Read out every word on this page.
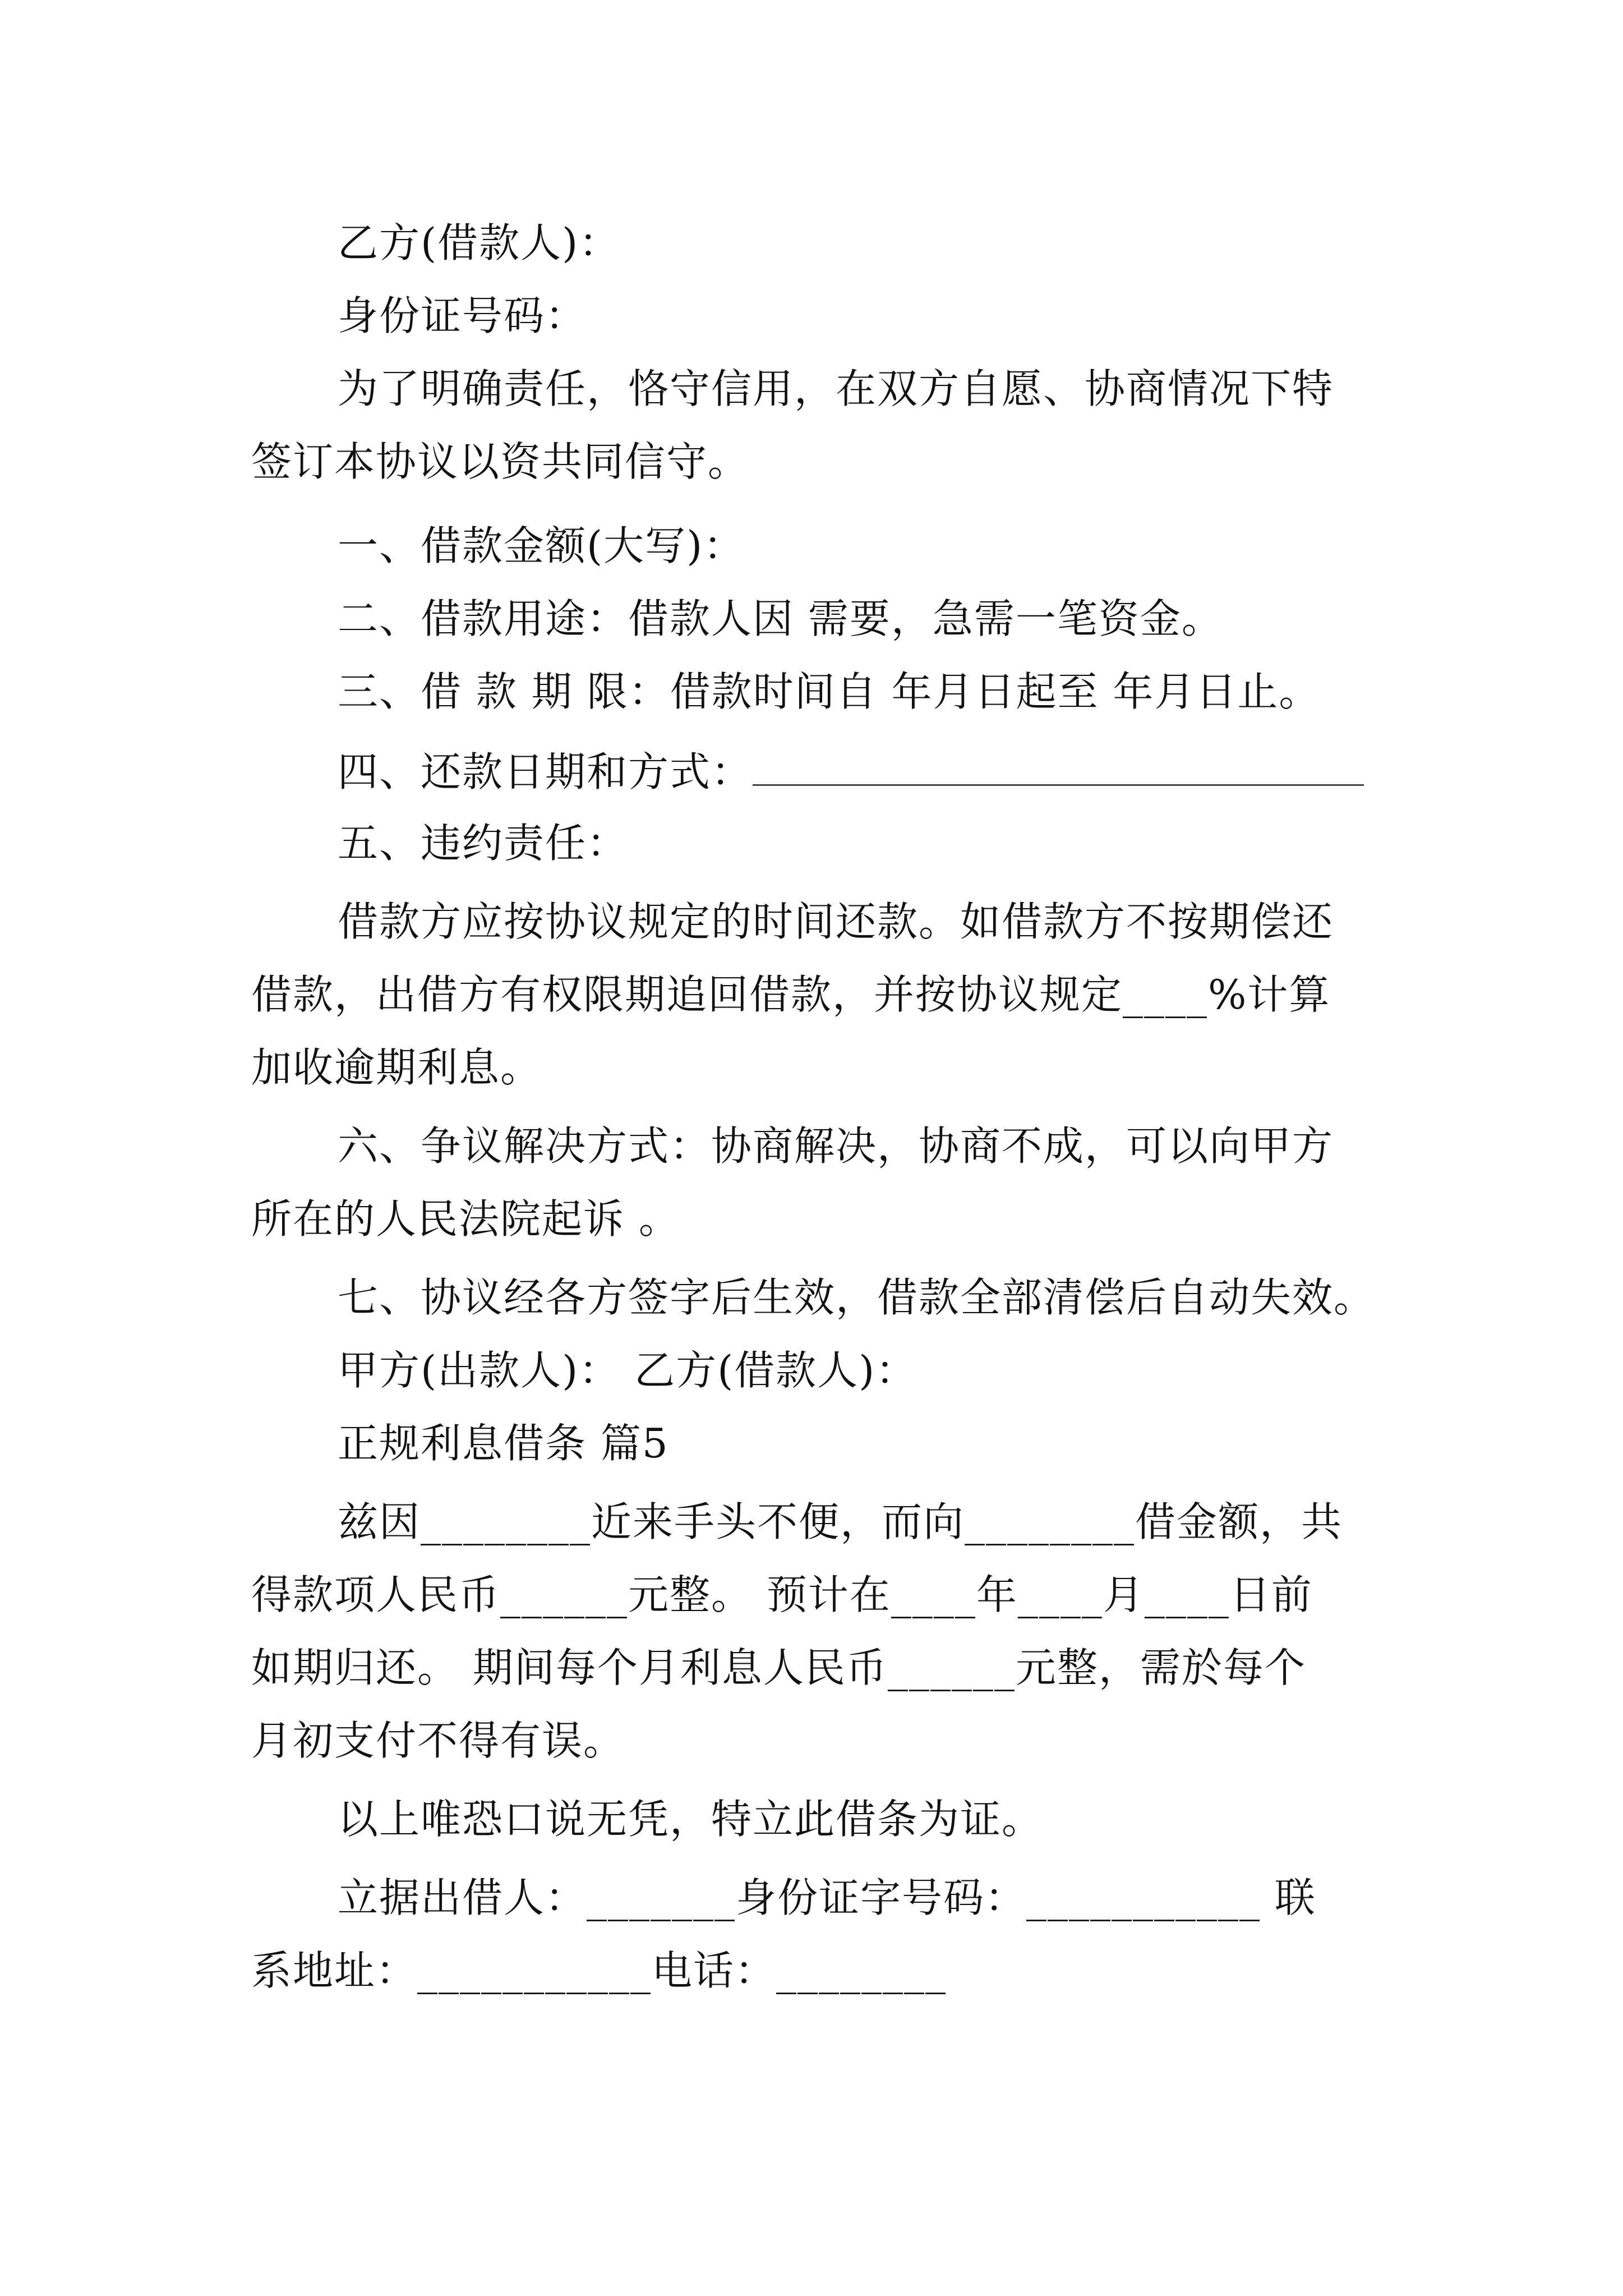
乙方(借款人)：
身份证号码：
为了明确责任，恪守信用，在双方自愿、协商情况下特
签订本协议以资共同信守。
一、借款金额(大写)：
二、借款用途：借款人因 需要，急需一笔资金。
三、借 款 期 限：借款时间自 年月日起至 年月日止。
四、还款日期和方式：
五、违约责任：
借款方应按协议规定的时间还款。如借款方不按期偿还
借款，出借方有权限期追回借款，并按协议规定____%计算
加收逾期利息。
六、争议解决方式：协商解决，协商不成，可以向甲方
所在的人民法院起诉 。
七、协议经各方签字后生效，借款全部清偿后自动失效。
甲方(出款人)： 乙方(借款人)：
正规利息借条 篇5
兹因________近来手头不便，而向________借金额，共
得款项人民币______元整。 预计在____年____月____日前
如期归还。 期间每个月利息人民币______元整，需於每个
月初支付不得有误。
以上唯恐口说无凭，特立此借条为证。
立据出借人：_______身份证字号码：___________ 联
系地址：___________电话：________
